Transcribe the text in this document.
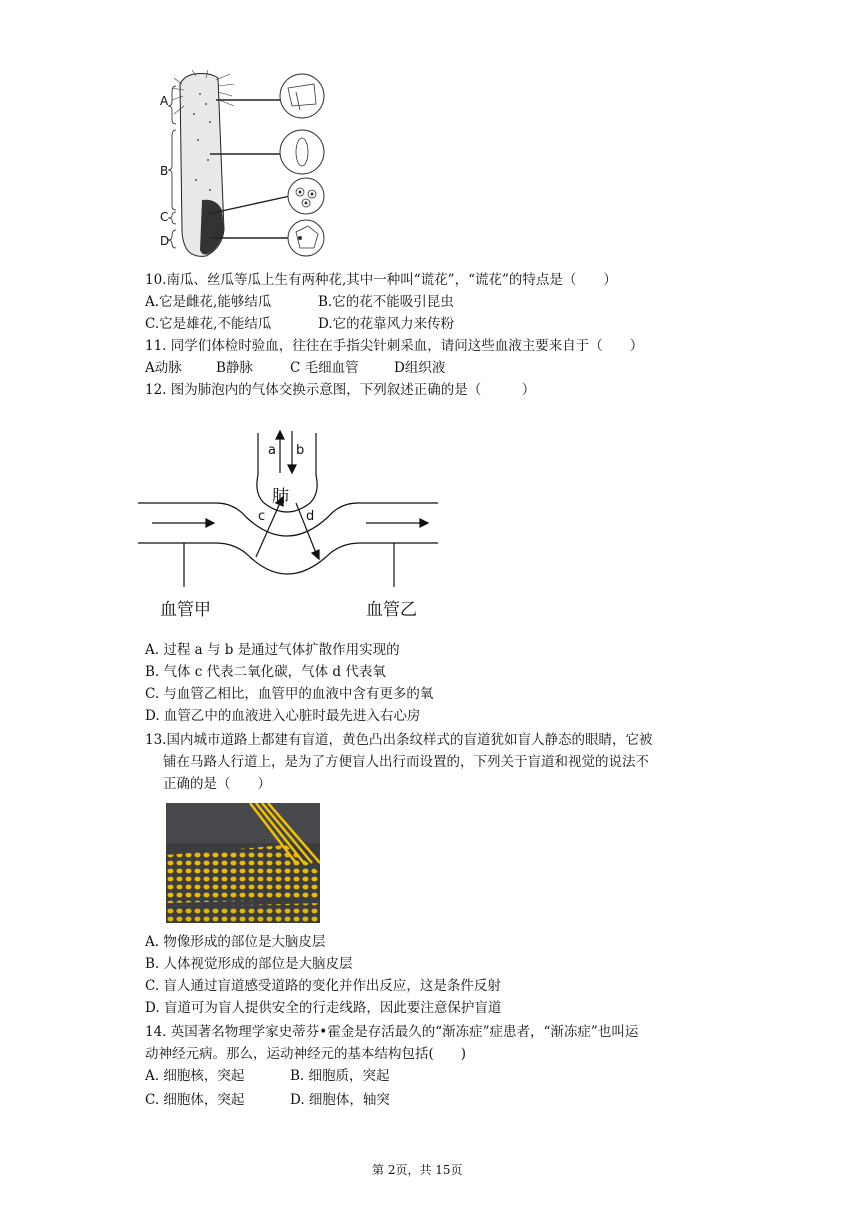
A
B
C
D
10.南瓜、丝瓜等瓜上生有两种花,其中一种叫“谎花”，“谎花”的特点是（　　）
A.它是雌花,能够结瓜	B.它的花不能吸引昆虫
C.它是雄花,不能结瓜	D.它的花靠风力来传粉
11. 同学们体检时验血，往往在手指尖针刺采血，请问这些血液主要来自于（　　）
A动脉	B静脉	C 毛细血管	D组织液
12. 图为肺泡内的气体交换示意图，下列叙述正确的是（　　　）
肺
a b
c	d
血管甲	血管乙
A. 过程 a 与 b 是通过气体扩散作用实现的
B. 气体 c 代表二氧化碳，气体 d 代表氧
C. 与血管乙相比，血管甲的血液中含有更多的氧
D. 血管乙中的血液进入心脏时最先进入右心房
13.国内城市道路上都建有盲道，黄色凸出条纹样式的盲道犹如盲人静态的眼睛，它被
铺在马路人行道上，是为了方便盲人出行而设置的，下列关于盲道和视觉的说法不
正确的是（　　）
A. 物像形成的部位是大脑皮层
B. 人体视觉形成的部位是大脑皮层
C. 盲人通过盲道感受道路的变化并作出反应，这是条件反射
D. 盲道可为盲人提供安全的行走线路，因此要注意保护盲道
14. 英国著名物理学家史蒂芬•霍金是存活最久的“渐冻症”症患者，“渐冻症”也叫运
动神经元病。那么，运动神经元的基本结构包括(　　)
A. 细胞核，突起	B. 细胞质，突起
C. 细胞体，突起	D. 细胞体，轴突
第 2页，共 15页
